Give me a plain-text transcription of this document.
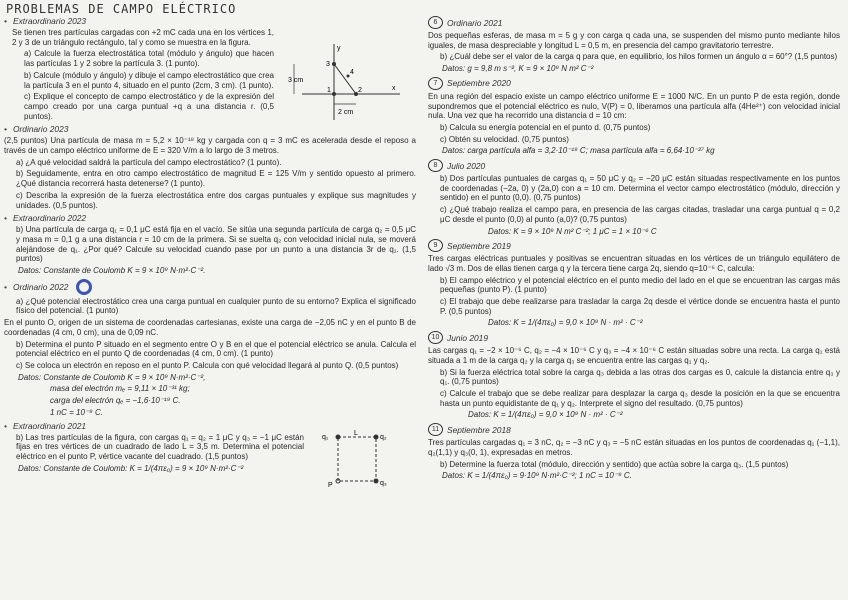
PROBLEMAS DE CAMPO ELÉCTRICO
• Extraordinario 2023

Se tienen tres partículas cargadas con +2 mC cada una en los vértices 1, 2 y 3 de un triángulo rectángulo, tal y como se muestra en la figura.

a) Calcule la fuerza electrostática total (módulo y ángulo) que hacen las partículas 1 y 2 sobre la partícula 3. (1 punto).

b) Calcule (módulo y ángulo) y dibuje el campo electrostático que crea la partícula 3 en el punto 4, situado en el punto (2cm, 3 cm). (1 punto).

c) Explique el concepto de campo electrostático y de la expresión del campo creado por una carga puntual +q a una distancia r. (0,5 puntos).

3 cm
2 cm
3
1	2
4
x
y
• Ordinario 2023

(2,5 puntos) Una partícula de masa m = 5,2 × 10⁻¹⁸ kg y cargada con q = 3 mC es acelerada desde el reposo a través de un campo eléctrico uniforme de E = 320 V/m a lo largo de 3 metros.

a) ¿A qué velocidad saldrá la partícula del campo electrostático? (1 punto).

b) Seguidamente, entra en otro campo electrostático de magnitud E = 125 V/m y sentido opuesto al primero. ¿Qué distancia recorrerá hasta detenerse? (1 punto).

c) Describa la expresión de la fuerza electrostática entre dos cargas puntuales y explique sus magnitudes y unidades. (0,5 puntos).

• Extraordinario 2022

b) Una partícula de carga q₁ = 0,1 μC está fija en el vacío. Se sitúa una segunda partícula de carga q₂ = 0,5 μC y masa m = 0,1 g a una distancia r = 10 cm de la primera. Si se suelta q₂ con velocidad inicial nula, se moverá alejándose de q₁. ¿Por qué? Calcule su velocidad cuando pase por un punto a una distancia 3r de q₁. (1,5 puntos)

Datos: Constante de Coulomb K = 9 × 10⁹ N·m²·C⁻².

• Ordinario 2022

a) ¿Qué potencial electrostático crea una carga puntual en cualquier punto de su entorno? Explica el significado físico del potencial. (1 punto)

En el punto O, origen de un sistema de coordenadas cartesianas, existe una carga de −2,05 nC y en el punto B de coordenadas (4 cm, 0 cm), una de 0,09 nC.

b) Determina el punto P situado en el segmento entre O y B en el que el potencial eléctrico se anula. Calcula el potencial eléctrico en el punto Q de coordenadas (4 cm, 0 cm). (1 punto)

c) Se coloca un electrón en reposo en el punto P. Calcula con qué velocidad llegará al punto Q. (0,5 puntos)

Datos: Constante de Coulomb K = 9 × 10⁹ N·m²·C⁻²,

masa del electrón mₑ = 9,11 × 10⁻³¹ kg;

carga del electrón qₑ = −1,6·10⁻¹⁹ C.

1 nC = 10⁻⁹ C.

• Extraordinario 2021

b) Las tres partículas de la figura, con cargas q₁ = q₂ = 1 μC y q₃ = −1 μC están fijas en tres vértices de un cuadrado de lado L = 3,5 m. Determina el potencial eléctrico en el punto P, vértice vacante del cuadrado. (1,5 puntos)

Datos: Constante de Coulomb: K = 1/(4πε₀) = 9 × 10⁹ N·m²·C⁻²

q₁	q₂
q₃
L
P
6	Ordinario 2021

Dos pequeñas esferas, de masa m = 5 g y con carga q cada una, se suspenden del mismo punto mediante hilos iguales, de masa despreciable y longitud L = 0,5 m, en presencia del campo gravitatorio terrestre.

b) ¿Cuál debe ser el valor de la carga q para que, en equilibrio, los hilos formen un ángulo α = 60°? (1,5 puntos)

Datos: g = 9,8 m s⁻², K = 9 × 10⁹ N m² C⁻²

7	Septiembre 2020

En una región del espacio existe un campo eléctrico uniforme E = 1000 N/C. En un punto P de esta región, donde supondremos que el potencial eléctrico es nulo, V(P) = 0, liberamos una partícula alfa (4He²⁺) con velocidad inicial nula. Una vez que ha recorrido una distancia d = 10 cm:

b) Calcula su energía potencial en el punto d. (0,75 puntos)

c) Obtén su velocidad. (0,75 puntos)

Datos: carga partícula alfa = 3,2·10⁻¹⁹ C; masa partícula alfa = 6,64·10⁻²⁷ kg

8	Julio 2020

b) Dos partículas puntuales de cargas q₁ = 50 μC y q₂ = −20 μC están situadas respectivamente en los puntos de coordenadas (−2a, 0) y (2a,0) con a = 10 cm. Determina el vector campo electrostático (módulo, dirección y sentido) en el punto (0,0). (0,75 puntos)

c) ¿Qué trabajo realiza el campo para, en presencia de las cargas citadas, trasladar una carga puntual q = 0,2 μC desde el punto (0,0) al punto (a,0)? (0,75 puntos)

Datos: K = 9 × 10⁹ N m² C⁻²; 1 μC = 1 × 10⁻⁶ C

9	Septiembre 2019

Tres cargas eléctricas puntuales y positivas se encuentran situadas en los vértices de un triángulo equilátero de lado √3 m. Dos de ellas tienen carga q y la tercera tiene carga 2q, siendo q=10⁻⁶ C, calcula:

b) El campo eléctrico y el potencial eléctrico en el punto medio del lado en el que se encuentran las cargas más pequeñas (punto P). (1 punto)

c) El trabajo que debe realizarse para trasladar la carga 2q desde el vértice donde se encuentra hasta el punto P. (0,5 puntos)

Datos: K = 1/(4πε₀) = 9,0 × 10⁹ N · m² · C⁻²

10 Junio 2019

Las cargas q₁ = −2 × 10⁻⁶ C, q₂ = −4 × 10⁻⁶ C y q₃ = −4 × 10⁻⁶ C están situadas sobre una recta. La carga q₁ está situada a 1 m de la carga q₂ y la carga q₃ se encuentra entre las cargas q₁ y q₂.

b) Si la fuerza eléctrica total sobre la carga q₃ debida a las otras dos cargas es 0, calcule la distancia entre q₃ y q₁. (0,75 puntos)

c) Calcule el trabajo que se debe realizar para desplazar la carga q₃ desde la posición en la que se encuentra hasta un punto equidistante de q₁ y q₂. Interprete el signo del resultado. (0,75 puntos)

Datos: K = 1/(4πε₀) = 9,0 × 10⁹ N · m² · C⁻²

11 Septiembre 2018

Tres partículas cargadas q₁ = 3 nC, q₂ = −3 nC y q₃ = −5 nC están situadas en los puntos de coordenadas q₁ (−1,1), q₂(1,1) y q₃(0, 1), expresadas en metros.

b) Determine la fuerza total (módulo, dirección y sentido) que actúa sobre la carga q₃. (1,5 puntos)

Datos: K = 1/(4πε₀) = 9·10⁹ N·m²·C⁻²; 1 nC = 10⁻⁹ C.
